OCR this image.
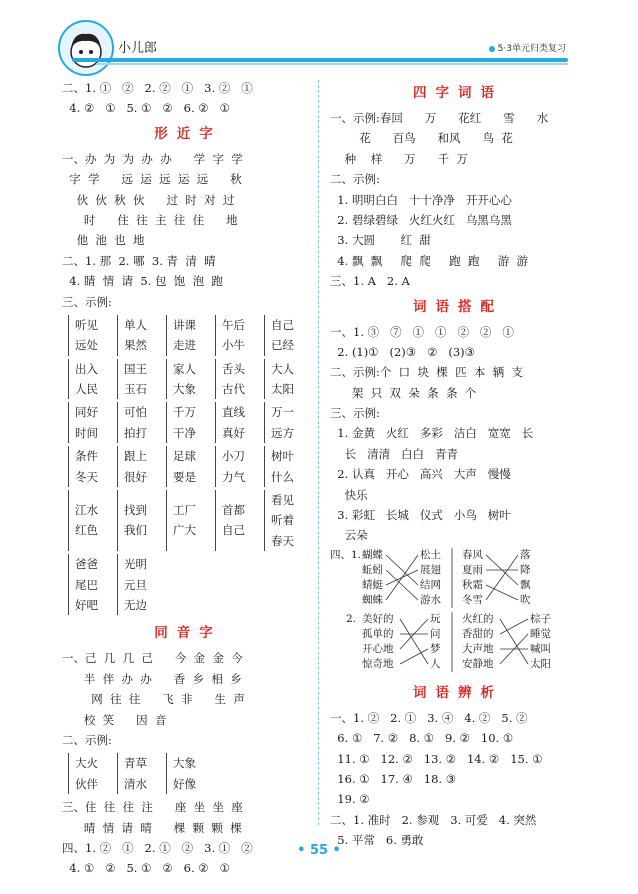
小儿郎	5·3单元归类复习
二、1. ①   ②   2. ②   ①   3. ②   ①
4. ②   ①   5. ①   ②   6. ②   ①
形近字
一、办  为  为  办  办      学  字  学
字  学      远  运  远  运  远      秋
伙  伙  秋  伙      过  时  对  过
时      住  往  主  往  住      地
他  池  也  地
二、1. 那  2. 哪  3. 青  清  晴
4. 睛  情  请  5. 包  饱  泡  跑
三、示例:
听见
远处
单人
果然
讲课
走进
午后
小牛
自己
已经
出入
人民
国王
玉石
家人
大象
舌头
古代
大人
太阳
同好
时间
可怕
拍打
千万
干净
直线
真好
万一
远方
条件
冬天
跟上
很好
足球
要是
小刀
力气
树叶
什么
江水
红色
找到
我们
工厂
广大
首都
自己
看见
听着
春天
爸爸
尾巴
好吧
光明
元旦
无边
同音字
一、己  几  几  己      今  金  金  今
半  伴  办  办      香  乡  相  乡
网  往  往      飞  非      生  声
校  笑      因  音
二、示例:
大火
伙伴
青草
清水
大象
好像
三、住  往  往  注      座  坐  坐  座
晴  情  请  晴      棵  颗  颗  棵
四、1. ②   ①   2. ①   ②   3. ①   ②
4. ①   ②   5. ①   ②   6. ②   ①
四字词语
一、示例:春回      万      花红      雪      水
花      百鸟      和风      鸟  花
种    样      万      千  万
二、示例:
1. 明明白白   十十净净   开开心心
2. 碧绿碧绿   火红火红   乌黑乌黑
3. 大圆       红  甜
4. 飘  飘     爬  爬     跑  跑     游  游
三、1. A   2. A
词语搭配
一、1. ③   ⑦   ①   ①   ②   ②   ①
2. (1)①   (2)③   ②   (3)③
二、示例:个  口  块  棵  匹  本  辆  支
架  只  双  朵  条  条  个
三、示例:
1. 金黄   火红   多彩   洁白   宽宽   长
长   清清   白白   青青
2. 认真   开心   高兴   大声   慢慢
快乐
3. 彩虹   长城   仪式   小鸟   树叶
云朵
四、1. 蝴蝶
蚯蚓
蜻蜓
蜘蛛
松土
展翅
结网
游水
春风
夏雨
秋霜
冬雪
落
降
飘
吹
2. 美好的
孤单的
开心地
惊奇地
玩
问
梦
人
火红的
香甜的
大声地
安静地
棕子
睡觉
喊叫
太阳
词语辨析
一、1. ②   2. ①   3. ④   4. ②   5. ②
6. ①   7. ②   8. ①   9. ②   10. ①
11. ①   12. ②   13. ②   14. ②   15. ①
16. ①   17. ④   18. ③
19. ②
二、1. 准时   2. 参观   3. 可爱   4. 突然
5. 平常   6. 勇敢
• 55 •
